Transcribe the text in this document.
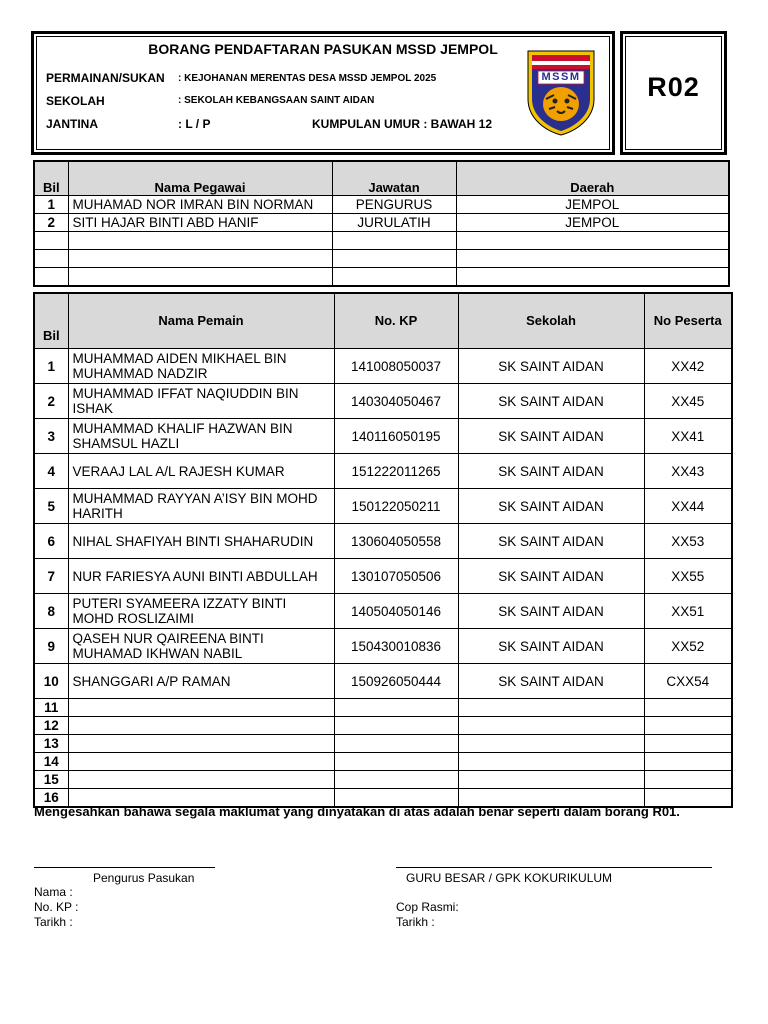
R02
BORANG PENDAFTARAN PASUKAN MSSD JEMPOL
PERMAINAN/SUKAN : KEJOHANAN MERENTAS DESA MSSD JEMPOL 2025
SEKOLAH	: SEKOLAH KEBANGSAAN SAINT AIDAN
JANTINA	: L / P	KUMPULAN UMUR : BAWAH 12
MSSM
Bil	Nama Pegawai	Jawatan	Daerah
1	MUHAMAD NOR IMRAN BIN NORMAN	PENGURUS	JEMPOL
2	SITI HAJAR BINTI ABD HANIF	JURULATIH	JEMPOL

Bil	Nama Pemain	No. KP	Sekolah	No Peserta
1	MUHAMMAD AIDEN MIKHAEL BIN MUHAMMAD NADZIR	141008050037	SK SAINT AIDAN	XX42
2	MUHAMMAD IFFAT NAQIUDDIN BIN ISHAK	140304050467	SK SAINT AIDAN	XX45
3	MUHAMMAD KHALIF HAZWAN BIN SHAMSUL HAZLI	140116050195	SK SAINT AIDAN	XX41
4	VERAAJ LAL A/L RAJESH KUMAR	151222011265	SK SAINT AIDAN	XX43
5	MUHAMMAD RAYYAN A’ISY BIN MOHD HARITH	150122050211	SK SAINT AIDAN	XX44
6	NIHAL SHAFIYAH BINTI SHAHARUDIN	130604050558	SK SAINT AIDAN	XX53
7	NUR FARIESYA AUNI BINTI ABDULLAH	130107050506	SK SAINT AIDAN	XX55
8	PUTERI SYAMEERA IZZATY BINTI MOHD ROSLIZAIMI	140504050146	SK SAINT AIDAN	XX51
9	QASEH NUR QAIREENA BINTI MUHAMAD IKHWAN NABIL	150430010836	SK SAINT AIDAN	XX52
10	SHANGGARI A/P RAMAN	150926050444	SK SAINT AIDAN	CXX54
11				
12				
13				
14				
15				
16				
Mengesahkan bahawa segala maklumat yang dinyatakan di atas adalah benar seperti dalam borang R01.
Pengurus Pasukan
Nama :
No. KP :
Tarikh :
GURU BESAR / GPK KOKURIKULUM
Cop Rasmi:
Tarikh :
